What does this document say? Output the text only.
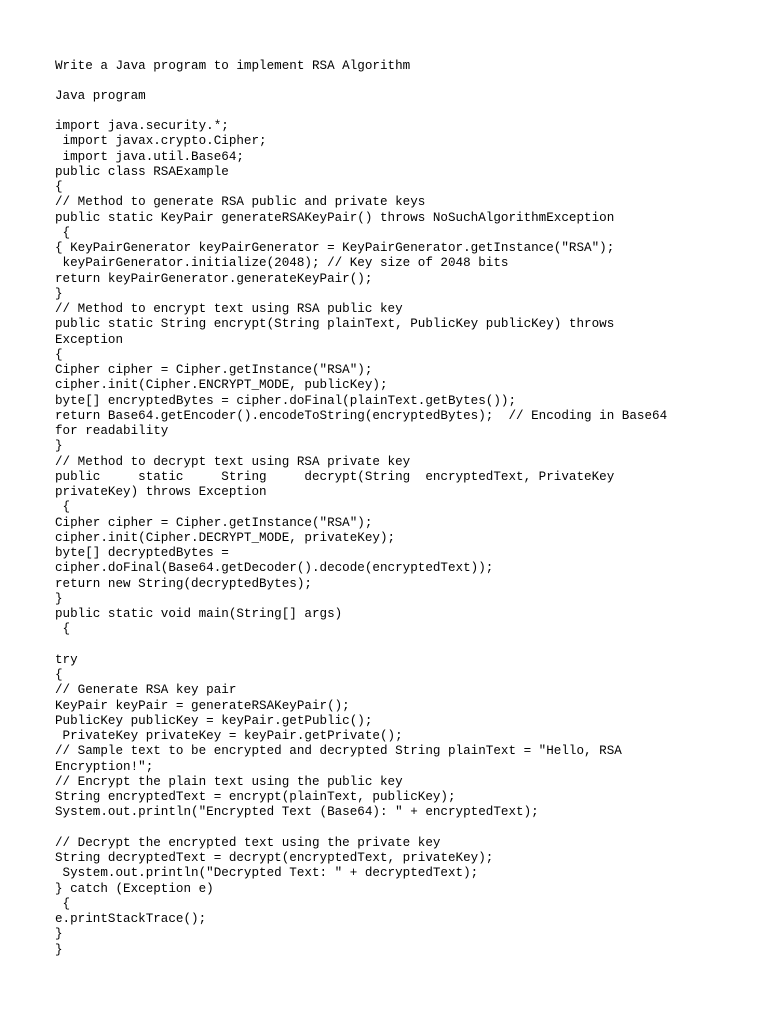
Write a Java program to implement RSA Algorithm

Java program

import java.security.*;
import javax.crypto.Cipher;
import java.util.Base64;
public class RSAExample
{
// Method to generate RSA public and private keys
public static KeyPair generateRSAKeyPair() throws NoSuchAlgorithmException
{
{ KeyPairGenerator keyPairGenerator = KeyPairGenerator.getInstance("RSA");
keyPairGenerator.initialize(2048); // Key size of 2048 bits
return keyPairGenerator.generateKeyPair();
}
// Method to encrypt text using RSA public key
public static String encrypt(String plainText, PublicKey publicKey) throws
Exception
{
Cipher cipher = Cipher.getInstance("RSA");
cipher.init(Cipher.ENCRYPT_MODE, publicKey);
byte[] encryptedBytes = cipher.doFinal(plainText.getBytes());
return Base64.getEncoder().encodeToString(encryptedBytes);  // Encoding in Base64
for readability
}
// Method to decrypt text using RSA private key
public     static     String     decrypt(String  encryptedText, PrivateKey
privateKey) throws Exception
{
Cipher cipher = Cipher.getInstance("RSA");
cipher.init(Cipher.DECRYPT_MODE, privateKey);
byte[] decryptedBytes =
cipher.doFinal(Base64.getDecoder().decode(encryptedText));
return new String(decryptedBytes);
}
public static void main(String[] args)
{

try
{
// Generate RSA key pair
KeyPair keyPair = generateRSAKeyPair();
PublicKey publicKey = keyPair.getPublic();
PrivateKey privateKey = keyPair.getPrivate();
// Sample text to be encrypted and decrypted String plainText = "Hello, RSA
Encryption!";
// Encrypt the plain text using the public key
String encryptedText = encrypt(plainText, publicKey);
System.out.println("Encrypted Text (Base64): " + encryptedText);

// Decrypt the encrypted text using the private key
String decryptedText = decrypt(encryptedText, privateKey);
System.out.println("Decrypted Text: " + decryptedText);
} catch (Exception e)
{
e.printStackTrace();
}
}
